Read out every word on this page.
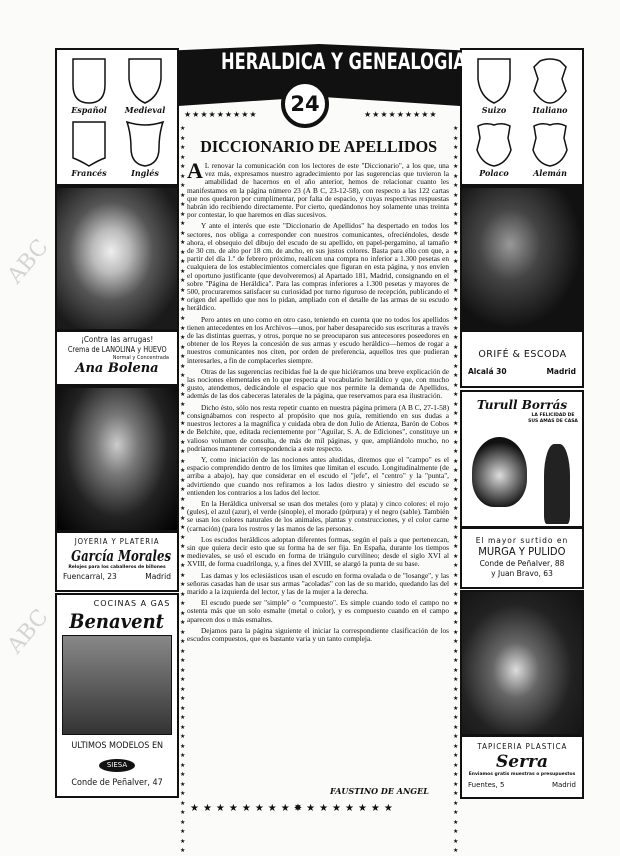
ABC
ABC
Español Medieval
Francés	Inglés
¡Contra las arrugas!
Crema de LANOLINA y HUEVO
Normal y Concentrada
Ana Bolena
JOYERIA Y PLATERIA
García Morales
Relojes para los caballeros de billones
Fuencarral, 23	Madrid
COCINAS A GAS
Benavent
ULTIMOS MODELOS EN
SIESA
Conde de Peñalver, 47
Suizo	Italiano
Polaco	Alemán
ORIFÉ & ESCODA
Alcalá 30	Madrid
Turull Borrás
LA FELICIDAD DE SUS AMAS DE CASA
El mayor surtido en
MURGA Y PULIDO
Conde de Peñalver, 88
y Juan Bravo, 63
TAPICERIA PLASTICA
Serra
Enviamos gratis muestras o presupuestos
Fuentes, 5	Madrid
HERALDICA Y GENEALOGIA
24
★★★★★★★★★	★★★★★★★★★
★★★★★★★★★★★★★★★★★★★★★★★★★★★★★★★★★★★★★★★★★★★★★★★★★★★★★★★★★★★★★★★★★★★★★★★★★★★★★
★★★★★★★★★★★★★★★★★★★★★★★★★★★★★★★★★★★★★★★★★★★★★★★★★★★★★★★★★★★★★★★★★★★★★★★★★★★★★
DICCIONARIO DE APELLIDOS

A L renovar la comunicación con los lectores de este "Diccionario", a los que, una vez más, expresamos nuestro agradecimiento por las sugerencias que tuvieron la amabilidad de hacernos en el año anterior, hemos de relacionar cuanto les manifestamos en la página número 23 (A B C, 23-12-58), con respecto a las 122 cartas que nos quedaron por cumplimentar, por falta de espacio, y cuyas respectivas respuestas habrán ido recibiendo directamente. Por cierto, quedándonos hoy solamente unas treinta por contestar, lo que haremos en días sucesivos.

Y ante el interés que este "Diccionario de Apellidos" ha despertado en todos los sectores, nos obliga a corresponder con nuestros comunicantes, ofreciéndoles, desde ahora, el obsequio del dibujo del escudo de su apellido, en papel-pergamino, al tamaño de 30 cm. de alto por 18 cm. de ancho, en sus justos colores. Basta para ello con que, a partir del día 1.º de febrero próximo, realicen una compra no inferior a 1.300 pesetas en cualquiera de los establecimientos comerciales que figuran en esta página, y nos envíen el oportuno justificante (que devolveremos) al Apartado 181, Madrid, consignando en el sobre "Página de Heráldica". Para las compras inferiores a 1.300 pesetas y mayores de 500, procuraremos satisfacer su curiosidad por turno riguroso de recepción, publicando el origen del apellido que nos lo pidan, ampliado con el detalle de las armas de su escudo heráldico.

Pero antes en uno como en otro caso, teniendo en cuenta que no todos los apellidos tienen antecedentes en los Archivos—unos, por haber desaparecido sus escrituras a través de las distintas guerras, y otros, porque no se preocuparon sus antecesores poseedores en obtener de los Reyes la concesión de sus armas y escudo heráldico—hemos de rogar a nuestros comunicantes nos citen, por orden de preferencia, aquellos tres que pudieran interesarles, a fin de complacerles siempre.

Otras de las sugerencias recibidas fué la de que hiciéramos una breve explicación de las nociones elementales en lo que respecta al vocabulario heráldico y que, con mucho gusto, atendemos, dedicándole el espacio que nos permite la demanda de Apellidos, además de las dos cabeceras laterales de la página, que reservamos para esa ilustración.

Dicho ésto, sólo nos resta repetir cuanto en nuestra página primera (A B C, 27-1-58) consignábamos con respecto al propósito que nos guía, remitiendo en sus dudas a nuestros lectores a la magnífica y cuidada obra de don Julio de Atienza, Barón de Cobos de Belchite, que, editada recientemente por "Aguilar, S. A. de Ediciones", constituye un valioso volumen de consulta, de más de mil páginas, y que, ampliándolo mucho, no podríamos mantener correspondencia a este respecto.

Y, como iniciación de las nociones antes aludidas, diremos que el "campo" es el espacio comprendido dentro de los límites que limitan el escudo. Longitudinalmente (de arriba a abajo), hay que considerar en el escudo el "jefe", el "centro" y la "punta", advirtiendo que cuando nos refiramos a los lados diestro y siniestro del escudo se entienden los contrarios a los lados del lector.

En la Heráldica universal se usan dos metales (oro y plata) y cinco colores: el rojo (gules), el azul (azur), el verde (sinople), el morado (púrpura) y el negro (sable). También se usan los colores naturales de los animales, plantas y construcciones, y el color carne (carnación) (para los rostros y las manos de las personas.

Los escudos heráldicos adoptan diferentes formas, según el país a que pertenezcan, sin que quiera decir esto que su forma ha de ser fija. En España, durante los tiempos medievales, se usó el escudo en forma de triángulo curvilíneo; desde el siglo XVI al XVIII, de forma cuadrilonga, y, a fines del XVIII, se alargó la punta de su base.

Las damas y los eclesiásticos usan el escudo en forma ovalada o de "losange", y las señoras casadas han de usar sus armas "acoladas" con las de su marido, quedando las del marido a la izquierda del lector, y las de la mujer a la derecha.

El escudo puede ser "simple" o "compuesto". Es simple cuando todo el campo no ostenta más que un solo esmalte (metal o color), y es compuesto cuando en el campo aparecen dos o más esmaltes.

Dejamos para la página siguiente el iniciar la correspondiente clasificación de los escudos compuestos, que es bastante varia y un tanto compleja.

FAUSTINO DE ANGEL
★★★★★★★★✸★★★★★★★
